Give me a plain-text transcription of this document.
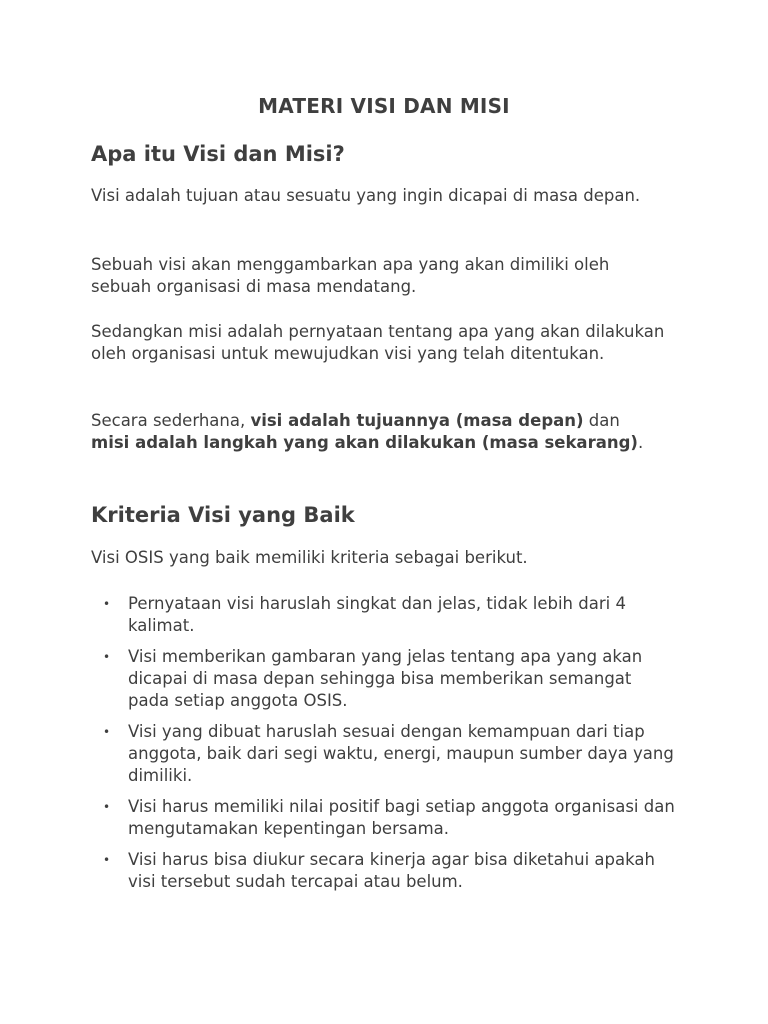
MATERI VISI DAN MISI
Apa itu Visi dan Misi?

Visi adalah tujuan atau sesuatu yang ingin dicapai di masa depan.

Sebuah visi akan menggambarkan apa yang akan dimiliki oleh sebuah organisasi di masa mendatang.

Sedangkan misi adalah pernyataan tentang apa yang akan dilakukan oleh organisasi untuk mewujudkan visi yang telah ditentukan.

Secara sederhana, visi adalah tujuannya (masa depan) dan misi adalah langkah yang akan dilakukan (masa sekarang).

Kriteria Visi yang Baik

Visi OSIS yang baik memiliki kriteria sebagai berikut.

• Pernyataan visi haruslah singkat dan jelas, tidak lebih dari 4 kalimat.
• Visi memberikan gambaran yang jelas tentang apa yang akan dicapai di masa depan sehingga bisa memberikan semangat pada setiap anggota OSIS.
• Visi yang dibuat haruslah sesuai dengan kemampuan dari tiap anggota, baik dari segi waktu, energi, maupun sumber daya yang dimiliki.
• Visi harus memiliki nilai positif bagi setiap anggota organisasi dan mengutamakan kepentingan bersama.
• Visi harus bisa diukur secara kinerja agar bisa diketahui apakah visi tersebut sudah tercapai atau belum.
